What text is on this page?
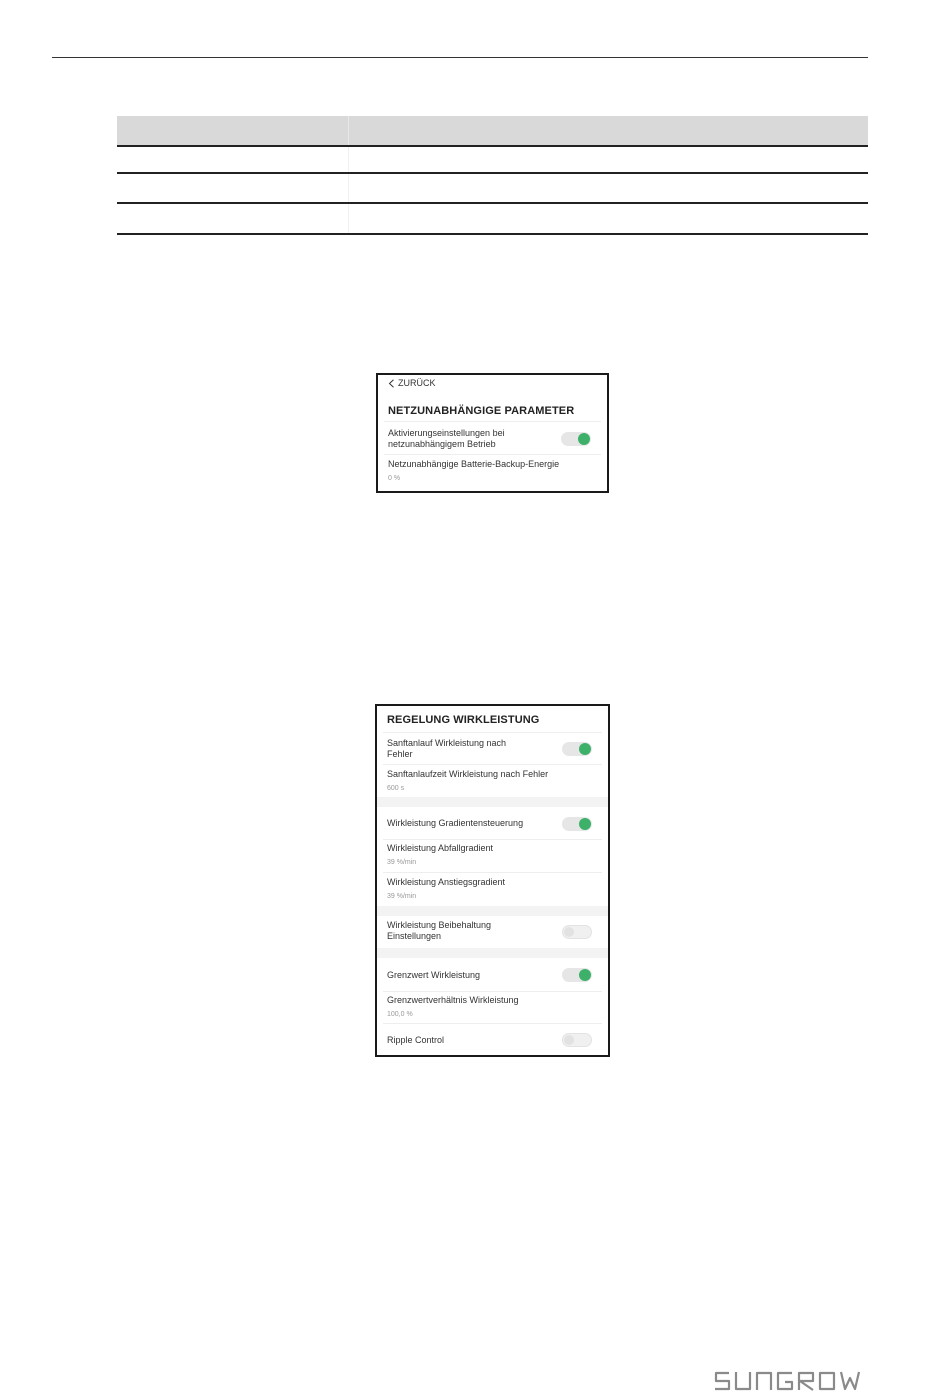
ZURÜCK
NETZUNABHÄNGIGE PARAMETER
Aktivierungseinstellungen bei netzunabhängigem Betrieb
Netzunabhängige Batterie-Backup-Energie
0 %
REGELUNG WIRKLEISTUNG
Sanftanlauf Wirkleistung nach Fehler
Sanftanlaufzeit Wirkleistung nach Fehler
600 s
Wirkleistung Gradientensteuerung
Wirkleistung Abfallgradient
39 %/min
Wirkleistung Anstiegsgradient
39 %/min
Wirkleistung Beibehaltung Einstellungen
Grenzwert Wirkleistung
Grenzwertverhältnis Wirkleistung
100,0 %
Ripple Control
